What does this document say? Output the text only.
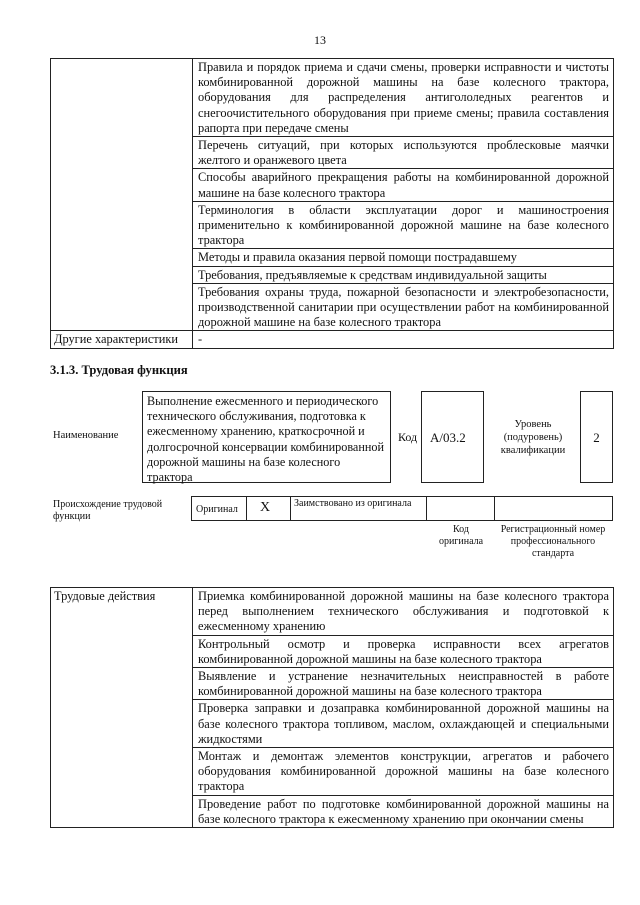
13
	Правила и порядок приема и сдачи смены, проверки исправности и чистоты комбинированной дорожной машины на базе колесного трактора, оборудования для распределения антигололедных реагентов и снегоочистительного оборудования при приеме смены; правила составления рапорта при передаче смены
	Перечень ситуаций, при которых используются проблесковые маячки желтого и оранжевого цвета
	Способы аварийного прекращения работы на комбинированной дорожной машине на базе колесного трактора
	Терминология в области эксплуатации дорог и машиностроения применительно к комбинированной дорожной машине на базе колесного трактора
	Методы и правила оказания первой помощи пострадавшему
	Требования, предъявляемые к средствам индивидуальной защиты
	Требования охраны труда, пожарной безопасности и электробезопасности, производственной санитарии при осуществлении работ на комбинированной дорожной машине на базе колесного трактора
Другие характеристики	-
3.1.3. Трудовая функция
Наименование
Выполнение ежесменного и периодического технического обслуживания, подготовка к ежесменному хранению, краткосрочной и долгосрочной консервации комбинированной дорожной машины на базе колесного трактора
Код A/03.2
Уровень (подуровень) квалификации
2
Происхождение трудовой функции
Оригинал X Заимствовано из оригинала
Код оригинала
Регистрационный номер профессионального стандарта
Трудовые действия	Приемка комбинированной дорожной машины на базе колесного трактора перед выполнением технического обслуживания и подготовкой к ежесменному хранению
Контрольный осмотр и проверка исправности всех агрегатов комбинированной дорожной машины на базе колесного трактора
Выявление и устранение незначительных неисправностей в работе комбинированной дорожной машины на базе колесного трактора
Проверка заправки и дозаправка комбинированной дорожной машины на базе колесного трактора топливом, маслом, охлаждающей и специальными жидкостями
Монтаж и демонтаж элементов конструкции, агрегатов и рабочего оборудования комбинированной дорожной машины на базе колесного трактора
Проведение работ по подготовке комбинированной дорожной машины на базе колесного трактора к ежесменному хранению при окончании смены
